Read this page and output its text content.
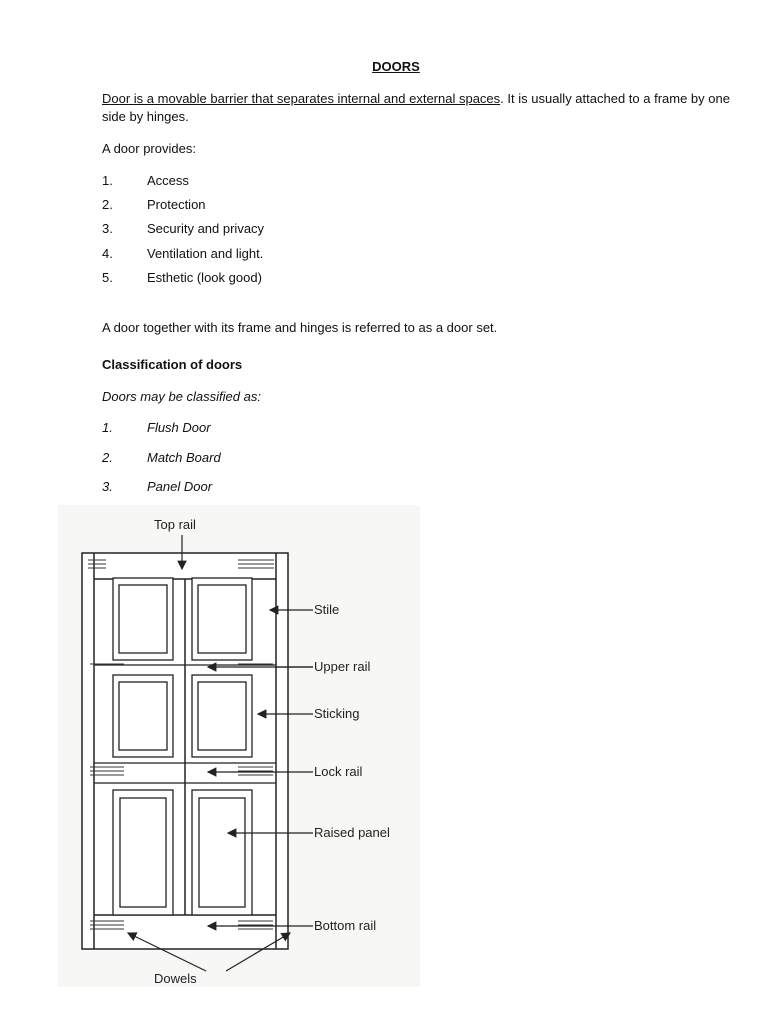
DOORS
Door is a movable barrier that separates internal and external spaces. It is usually attached to a frame by one side by hinges.
A door provides:
1.	Access
2.	Protection
3.	Security and privacy
4.	Ventilation and light.
5.	Esthetic (look good)
A door together with its frame and hinges is referred to as a door set.
Classification of doors
Doors may be classified as:
1.	Flush Door
2.	Match Board
3.	Panel Door
Top rail
Stile
Upper rail
Sticking
Lock rail
Raised panel
Bottom rail
Dowels
